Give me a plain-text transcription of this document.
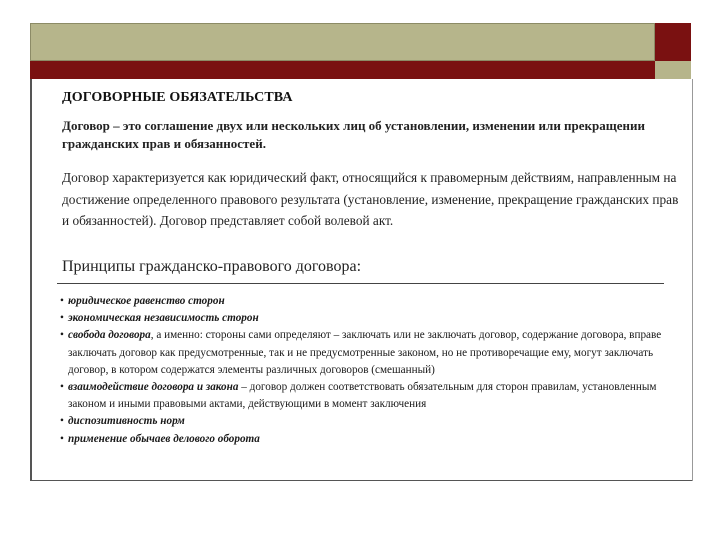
ДОГОВОРНЫЕ ОБЯЗАТЕЛЬСТВА
Договор – это соглашение двух или нескольких лиц об установлении, изменении или прекращении гражданских прав и обязанностей.
Договор характеризуется как юридический факт, относящийся к правомерным действиям, направленным на достижение определенного правового результата (установление, изменение, прекращение гражданских прав и обязанностей). Договор представляет собой волевой акт.
Принципы гражданско-правового договора:
• юридическое равенство сторон
• экономическая независимость сторон
• свобода договора, а именно: стороны сами определяют – заключать или не заключать договор, содержание договора, вправе заключать договор как предусмотренные, так и не предусмотренные законом, но не противоречащие ему, могут заключать договор, в котором содержатся элементы различных договоров (смешанный)
• взаимодействие договора и закона – договор должен соответствовать обязательным для сторон правилам, установленным законом и иными правовыми актами, действующими в момент заключения
• диспозитивность норм
• применение обычаев делового оборота
